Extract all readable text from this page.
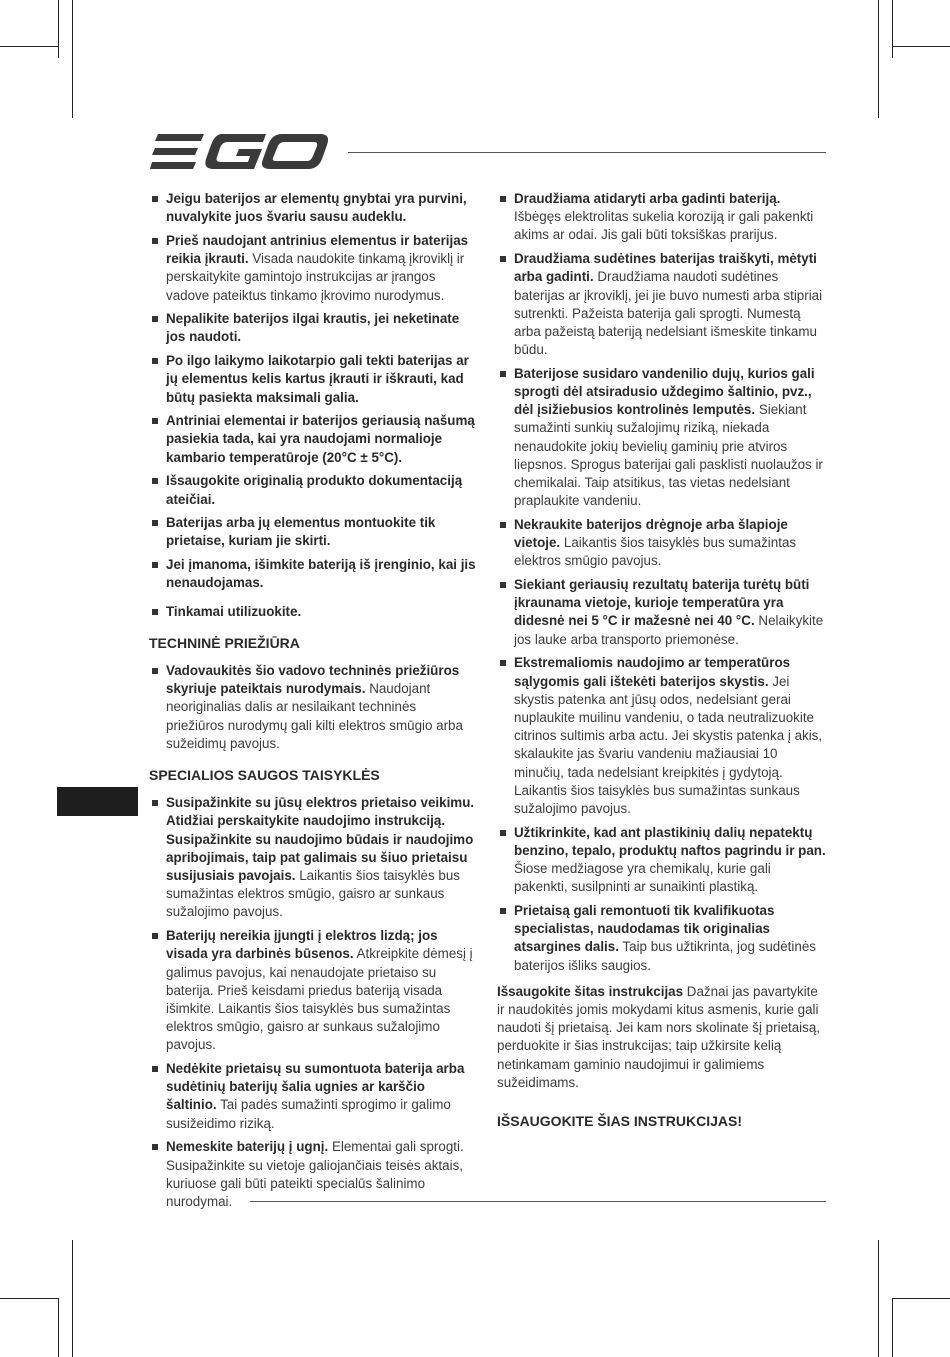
Jeigu baterijos ar elementų gnybtai yra purvini, nuvalykite juos švariu sausu audeklu.
Prieš naudojant antrinius elementus ir baterijas reikia įkrauti. Visada naudokite tinkamą įkroviklį ir perskaitykite gamintojo instrukcijas ar įrangos vadove pateiktus tinkamo įkrovimo nurodymus.
Nepalikite baterijos ilgai krautis, jei neketinate jos naudoti.
Po ilgo laikymo laikotarpio gali tekti baterijas ar jų elementus kelis kartus įkrauti ir iškrauti, kad būtų pasiekta maksimali galia.
Antriniai elementai ir baterijos geriausią našumą pasiekia tada, kai yra naudojami normalioje kambario temperatūroje (20°C ± 5°C).
Išsaugokite originalią produkto dokumentaciją ateičiai.
Baterijas arba jų elementus montuokite tik prietaise, kuriam jie skirti.
Jei įmanoma, išimkite bateriją iš įrenginio, kai jis nenaudojamas.
Tinkamai utilizuokite.
TECHNINĖ PRIEŽIŪRA
Vadovaukitės šio vadovo techninės priežiūros skyriuje pateiktais nurodymais. Naudojant neoriginalias dalis ar nesilaikant techninės priežiūros nurodymų gali kilti elektros smūgio arba sužeidimų pavojus.
SPECIALIOS SAUGOS TAISYKLĖS
Susipažinkite su jūsų elektros prietaiso veikimu. Atidžiai perskaitykite naudojimo instrukciją. Susipažinkite su naudojimo būdais ir naudojimo apribojimais, taip pat galimais su šiuo prietaisu susijusiais pavojais. Laikantis šios taisyklės bus sumažintas elektros smūgio, gaisro ar sunkaus sužalojimo pavojus.
Baterijų nereikia įjungti į elektros lizdą; jos visada yra darbinės būsenos. Atkreipkite dėmesį į galimus pavojus, kai nenaudojate prietaiso su baterija. Prieš keisdami priedus bateriją visada išimkite. Laikantis šios taisyklės bus sumažintas elektros smūgio, gaisro ar sunkaus sužalojimo pavojus.
Nedėkite prietaisų su sumontuota baterija arba sudėtinių baterijų šalia ugnies ar karščio šaltinio. Tai padės sumažinti sprogimo ir galimo susižeidimo riziką.
Nemeskite baterijų į ugnį. Elementai gali sprogti. Susipažinkite su vietoje galiojančiais teisės aktais, kuriuose gali būti pateikti specialūs šalinimo nurodymai.
Draudžiama atidaryti arba gadinti bateriją. Išbėgęs elektrolitas sukelia koroziją ir gali pakenkti akims ar odai. Jis gali būti toksiškas prarijus.
Draudžiama sudėtines baterijas traiškyti, mėtyti arba gadinti. Draudžiama naudoti sudėtines baterijas ar įkroviklį, jei jie buvo numesti arba stipriai sutrenkti. Pažeista baterija gali sprogti. Numestą arba pažeistą bateriją nedelsiant išmeskite tinkamu būdu.
Baterijose susidaro vandenilio dujų, kurios gali sprogti dėl atsiradusio uždegimo šaltinio, pvz., dėl įsižiebusios kontrolinės lemputės. Siekiant sumažinti sunkių sužalojimų riziką, niekada nenaudokite jokių bevielių gaminių prie atviros liepsnos. Sprogus baterijai gali pasklisti nuolaužos ir chemikalai. Taip atsitikus, tas vietas nedelsiant praplaukite vandeniu.
Nekraukite baterijos drėgnoje arba šlapioje vietoje. Laikantis šios taisyklės bus sumažintas elektros smūgio pavojus.
Siekiant geriausių rezultatų baterija turėtų būti įkraunama vietoje, kurioje temperatūra yra didesnė nei 5 °C ir mažesnė nei 40 °C. Nelaikykite jos lauke arba transporto priemonėse.
Ekstremaliomis naudojimo ar temperatūros sąlygomis gali ištekėti baterijos skystis. Jei skystis patenka ant jūsų odos, nedelsiant gerai nuplaukite muilinu vandeniu, o tada neutralizuokite citrinos sultimis arba actu. Jei skystis patenka į akis, skalaukite jas švariu vandeniu mažiausiai 10 minučių, tada nedelsiant kreipkitės į gydytoją. Laikantis šios taisyklės bus sumažintas sunkaus sužalojimo pavojus.
Užtikrinkite, kad ant plastikinių dalių nepatektų benzino, tepalo, produktų naftos pagrindu ir pan. Šiose medžiagose yra chemikalų, kurie gali pakenkti, susilpninti ar sunaikinti plastiką.
Prietaisą gali remontuoti tik kvalifikuotas specialistas, naudodamas tik originalias atsargines dalis. Taip bus užtikrinta, jog sudėtinės baterijos išliks saugios.
Išsaugokite šitas instrukcijas Dažnai jas pavartykite ir naudokitės jomis mokydami kitus asmenis, kurie gali naudoti šį prietaisą. Jei kam nors skolinate šį prietaisą, perduokite ir šias instrukcijas; taip užkirsite kelią netinkamam gaminio naudojimui ir galimiems sužeidimams.
IŠSAUGOKITE ŠIAS INSTRUKCIJAS!
